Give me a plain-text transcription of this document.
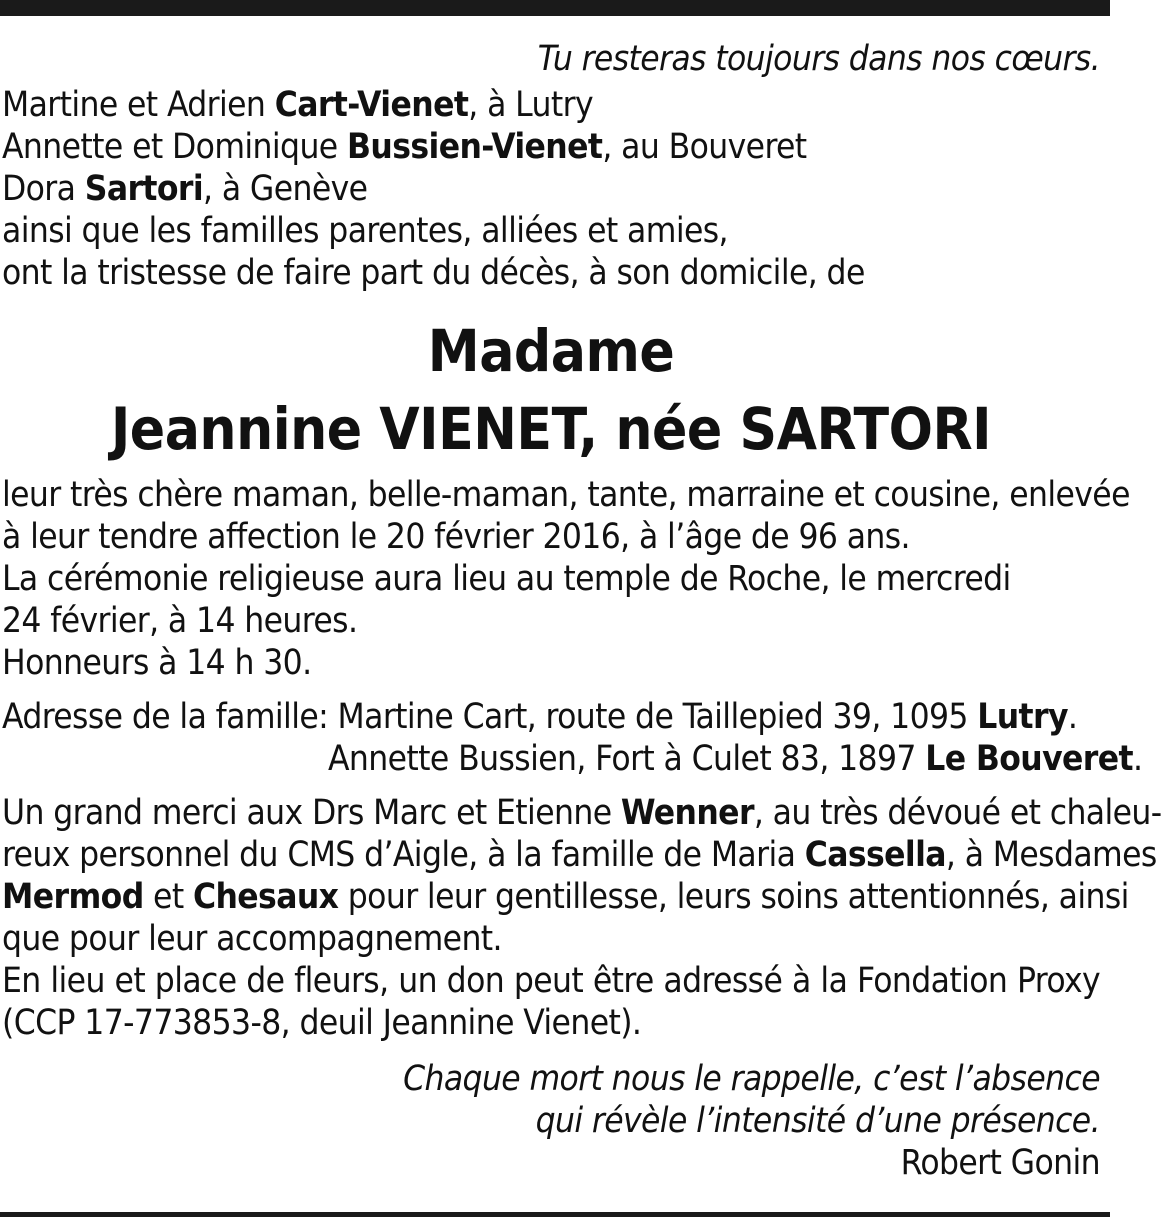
Tu resteras toujours dans nos cœurs.

Martine et Adrien Cart-Vienet, à Lutry
Annette et Dominique Bussien-Vienet, au Bouveret
Dora Sartori, à Genève
ainsi que les familles parentes, alliées et amies,
ont la tristesse de faire part du décès, à son domicile, de
Madame
Jeannine VIENET, née SARTORI
leur très chère maman, belle-maman, tante, marraine et cousine, enlevée
à leur tendre affection le 20 février 2016, à l’âge de 96 ans.
La cérémonie religieuse aura lieu au temple de Roche, le mercredi
24 février, à 14 heures.
Honneurs à 14 h 30.

Adresse de la famille: Martine Cart, route de Taillepied 39, 1095 Lutry.
Annette Bussien, Fort à Culet 83, 1897 Le Bouveret.

Un grand merci aux Drs Marc et Etienne Wenner, au très dévoué et chaleu-
reux personnel du CMS d’Aigle, à la famille de Maria Cassella, à Mesdames
Mermod et Chesaux pour leur gentillesse, leurs soins attentionnés, ainsi
que pour leur accompagnement.
En lieu et place de fleurs, un don peut être adressé à la Fondation Proxy
(CCP 17-773853-8, deuil Jeannine Vienet).
Chaque mort nous le rappelle, c’est l’absence
qui révèle l’intensité d’une présence.
Robert Gonin
